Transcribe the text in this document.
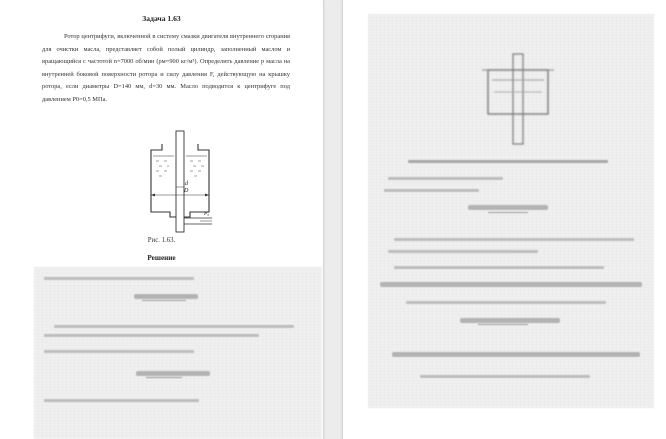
Задача 1.63

Ротор центрифуги, включенной в систему смазки двигателя внутреннего сгорания для очистки масла, представляет собой полый цилиндр, заполненный маслом и вращающийся с частотой n=7000 об/мин (ρм=900 кг/м³). Определить давление p масла на внутренней боковой поверхности ротора и силу давления F, действующую на крышку ротора, если диаметры D=140 мм, d=30 мм. Масло подводится к центрифуге под давлением P0=0,5 МПа.

D
d
P₀
Рис. 1.63.
Решение
